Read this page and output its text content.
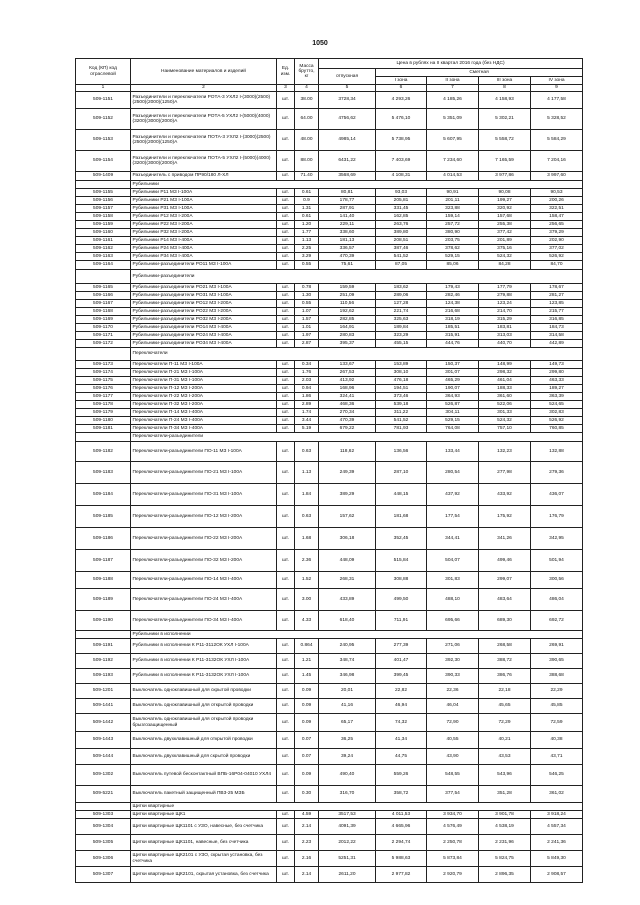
1050
Код (КП) код отраслевой	Наименование материалов и изделий	Ед. изм.	Масса брутто, кг	Цена в рублях на II квартал 2016 года (без НДС)				
				отпускная	Сметная			
					I зона	II зона	III зона	IV зона
1	2	3	4	5	6	7	8	9
509-1151	Разъединители и переключатели РОТА-3 УХЛ2 I-(3000)(2500)(2500)(2000)(1250)А	шт.	38.00	3728,34	4 293,26	4 185,26	4 158,93	4 177,58
509-1152	Разъединители и переключатели РОТА-5 УХЛ2 I-(5000)(4000)(3200)(3000)(2000)А	шт.	64.00	4756,62	5 476,10	5 351,09	5 302,21	5 328,52
509-1153	Разъединители и переключатели ПОТА-3 УХЛ2 I-(3000)(2500)(2500)(2000)(1250)А	шт.	48.00	4985,14	5 738,95	5 607,95	5 558,72	5 584,29
509-1154	Разъединители и переключатели ПОТА-5 УХЛ2 I-(5000)(4000)(3200)(3000)(2000)А	шт.	88.00	6431,22	7 403,69	7 234,60	7 165,59	7 204,16
509-1409	Разъединитель с приводом ПР90/180 Л-ХЛ	шт.	71.40	3568,69	4 108,31	4 014,53	3 977,86	3 997,60
	Рубильники							
509-1155	Рубильники Р11 МЗ I-100А	шт.	0.61	80,81	93,03	90,91	90,08	90,53
509-1156	Рубильники Р21 МЗ I-100А	шт.	0.9	178,77	205,81	201,11	199,27	200,26
509-1157	Рубильники Р31 МЗ I-100А	шт.	1.31	287,91	331,45	323,88	320,92	322,51
509-1158	Рубильники Р12 МЗ I-200А	шт.	0.61	141,40	162,85	159,14	157,68	158,47
509-1159	Рубильники Р22 МЗ I-200А	шт.	1.20	229,11	263,76	257,72	255,38	256,65
509-1160	Рубильники Р32 МЗ I-200А	шт.	1.77	338,60	389,80	380,90	377,42	379,29
509-1161	Рубильники Р14 МЗ I-400А	шт.	1.13	181,13	208,51	203,75	201,89	202,90
509-1162	Рубильники Р24 МЗ I-400А	шт.	2.25	336,57	387,46	378,62	375,16	377,02
509-1163	Рубильники Р34 МЗ I-400А	шт.	3.29	470,39	541,52	529,15	524,32	526,92
509-1164	Рубильники-разъединители РО11 МЗ I-100А	шт.	0.55	75,61	87,05	85,06	84,28	84,70
	Рубильники-разъединители							
509-1165	Рубильники-разъединители РО21 МЗ I-100А	шт.	0.78	159,59	183,62	179,43	177,79	178,67
509-1166	Рубильники-разъединители РО31 МЗ I-100А	шт.	1.30	251,09	289,06	282,46	279,88	281,27
509-1167	Рубильники-разъединители РО12 МЗ I-200А	шт.	0.55	110,56	127,28	124,38	123,24	123,85
509-1168	Рубильники-разъединители РО22 МЗ I-200А	шт.	1.07	192,62	221,74	216,68	214,70	215,77
509-1169	Рубильники-разъединители РО32 МЗ I-200А	шт.	1.57	282,85	325,63	318,19	315,29	316,85
509-1170	Рубильники-разъединители РО14 МЗ I-400А	шт.	1.01	164,91	189,84	185,51	183,81	184,73
509-1171	Рубильники-разъединители РО24 МЗ I-400А	шт.	1.97	280,83	323,29	315,91	313,03	314,58
509-1172	Рубильники-разъединители РО34 МЗ I-400А	шт.	2.87	395,37	455,15	444,76	440,70	442,89
	Переключатели							
509-1173	Переключатели П-11 МЗ I-100А	шт.	0.34	133,67	153,89	150,37	148,99	149,73
509-1174	Переключатели П-21 МЗ I-100А	шт.	1.76	267,53	308,10	301,07	298,32	299,80
509-1175	Переключатели П-31 МЗ I-100А	шт.	2.03	413,92	476,18	465,29	461,04	463,33
509-1176	Переключатели П-12 МЗ I-200А	шт.	0.94	168,96	194,51	190,07	188,33	189,27
509-1177	Переключатели П-22 МЗ I-200А	шт.	1.86	324,41	373,46	364,93	361,60	363,39
509-1178	Переключатели П-32 МЗ I-200А	шт.	2.89	468,36	539,18	526,87	522,06	524,65
509-1179	Переключатели П-14 МЗ I-400А	шт.	1.74	270,34	311,22	304,11	301,33	302,83
509-1180	Переключатели П-24 МЗ I-400А	шт.	3.44	470,39	541,52	529,15	524,32	526,92
509-1181	Переключатели П-34 МЗ I-400А	шт.	5.19	679,22	781,93	764,08	757,10	760,85
	Переключатели-разъединители							
509-1182	Переключатели-разъединители ПО-11 МЗ I-100А	шт.	0.63	118,62	136,56	133,44	132,23	132,88
509-1183	Переключатели-разъединители ПО-21 МЗ I-100А	шт.	1.13	249,39	287,10	280,54	277,98	279,36
509-1184	Переключатели-разъединители ПО-31 МЗ I-100А	шт.	1.84	389,29	448,15	437,92	433,92	436,07
509-1185	Переключатели-разъединители ПО-12 МЗ I-200А	шт.	0.63	157,62	181,68	177,54	175,92	176,79
509-1186	Переключатели-разъединители ПО-22 МЗ I-200А	шт.	1.68	306,18	352,45	344,41	341,26	342,95
509-1187	Переключатели-разъединители ПО-32 МЗ I-200А	шт.	2.36	448,09	515,84	504,07	499,46	501,94
509-1188	Переключатели-разъединители ПО-14 МЗ I-400А	шт.	1.52	268,31	308,88	301,83	299,07	300,56
509-1189	Переключатели-разъединители ПО-24 МЗ I-400А	шт.	3.00	433,89	499,50	488,10	483,64	486,04
509-1190	Переключатели-разъединители ПО-34 МЗ I-400А	шт.	4.33	618,40	711,91	695,66	689,30	692,72
	Рубильники в исполнении							
509-1191	Рубильники в исполнении К Р11-3112ОК УХЛ I-100А	шт.	0.864	240,95	277,39	271,06	268,58	269,91
509-1192	Рубильники в исполнении К Р11-3132ОК УХЛ I-100А	шт.	1.21	348,74	401,47	392,30	388,72	390,65
509-1193	Рубильники в исполнении К Р11-3132ОК УХЛ I-100А	шт.	1.45	346,98	399,45	390,33	386,76	388,68
509-1201	Выключатель одноклавишный для скрытой проводки	шт.	0.09	20,01	22,82	22,36	22,18	22,29
509-1441	Выключатель одноклавишный для открытой проводки	шт.	0.09	41,16	46,94	46,04	45,65	45,85
509-1442	Выключатель одноклавишный для открытой проводки брызгозащищенный	шт.	0.09	65,17	74,32	72,90	72,29	72,59
509-1443	Выключатель двухклавишный для открытой проводки	шт.	0.07	36,25	41,34	40,55	40,21	40,38
509-1444	Выключатель двухклавишный для скрытой проводки	шт.	0.07	39,24	44,75	43,90	43,53	43,71
509-1302	Выключатель путевой бесконтактный ВПБ-16Р04-04010 УХЛ4	шт.	0.09	490,40	559,26	548,55	543,96	546,25
509-5221	Выключатель пакетный защищенный ПВ3-25 МЗБ	шт.	0.30	316,70	358,72	377,54	351,28	361,02
	Щитки квартирные							
509-1303	Щитки квартирные ЩК1	шт.	4.59	3517,53	4 011,53	3 934,70	3 901,78	3 918,24
509-1304	Щитки квартирные ЩК1101 с УЗО, навесные, без счетчика	шт.	2.14	4091,39	4 665,96	4 576,49	4 538,19	4 557,34
509-1305	Щитки квартирные ЩК1101, навесные, без счетчика	шт.	2.23	2012,22	2 294,74	2 250,78	2 231,96	2 241,36
509-1306	Щитки квартирные ЩК2101 с УЗО, скрытая установка, без счетчика	шт.	2.16	5251,31	5 988,63	5 873,84	5 824,75	5 849,30
509-1307	Щитки квартирные ЩК2101, скрытая установка, без счетчика	шт.	2.14	2611,20	2 977,82	2 920,79	2 896,35	2 908,57
